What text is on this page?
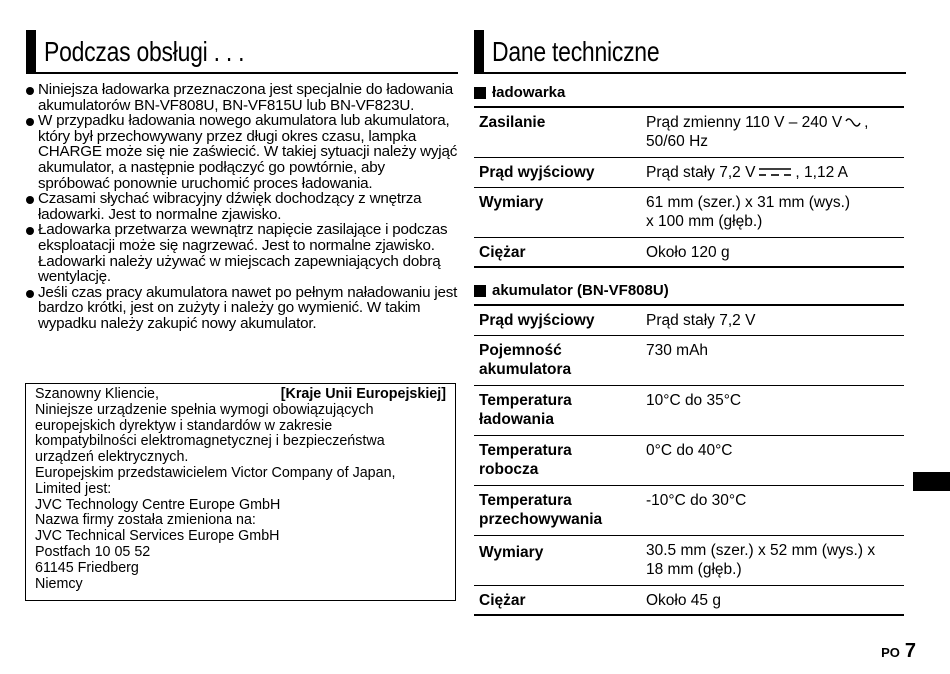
Podczas obsługi . . .
Niniejsza ładowarka przeznaczona jest specjalnie do ładowania akumulatorów BN-VF808U, BN-VF815U lub BN-VF823U.
W przypadku ładowania nowego akumulatora lub akumulatora, który był przechowywany przez długi okres czasu, lampka CHARGE może się nie zaświecić. W takiej sytuacji należy wyjąć akumulator, a następnie podłączyć go powtórnie, aby spróbować ponownie uruchomić proces ładowania.
Czasami słychać wibracyjny dźwięk dochodzący z wnętrza ładowarki. Jest to normalne zjawisko.
Ładowarka przetwarza wewnątrz napięcie zasilające i podczas eksploatacji może się nagrzewać. Jest to normalne zjawisko. Ładowarki należy używać w miejscach zapewniających dobrą wentylację.
Jeśli czas pracy akumulatora nawet po pełnym naładowaniu jest bardzo krótki, jest on zużyty i należy go wymienić. W takim wypadku należy zakupić nowy akumulator.
Szanowny Kliencie,	[Kraje Unii Europejskiej]
Niniejsze urządzenie spełnia wymogi obowiązujących
europejskich dyrektyw i standardów w zakresie
kompatybilności elektromagnetycznej i bezpieczeństwa
urządzeń elektrycznych.
Europejskim przedstawicielem Victor Company of Japan,
Limited jest:
JVC Technology Centre Europe GmbH
Nazwa firmy została zmieniona na:
JVC Technical Services Europe GmbH
Postfach 10 05 52
61145 Friedberg
Niemcy
Dane techniczne
ładowarka
Zasilanie	Prąd zmienny 110 V – 240 V ,
50/60 Hz
Prąd wyjściowy	Prąd stały 7,2 V , 1,12 A
Wymiary	61 mm (szer.) x 31 mm (wys.)
x 100 mm (głęb.)
Ciężar	Około 120 g
akumulator (BN-VF808U)
Prąd wyjściowy	Prąd stały 7,2 V
Pojemność
akumulatora	730 mAh
Temperatura
ładowania	10°C do 35°C
Temperatura
robocza	0°C do 40°C
Temperatura
przechowywania	-10°C do 30°C
Wymiary	30.5 mm (szer.) x 52 mm (wys.) x
18 mm (głęb.)
Ciężar	Około 45 g
PO 7
